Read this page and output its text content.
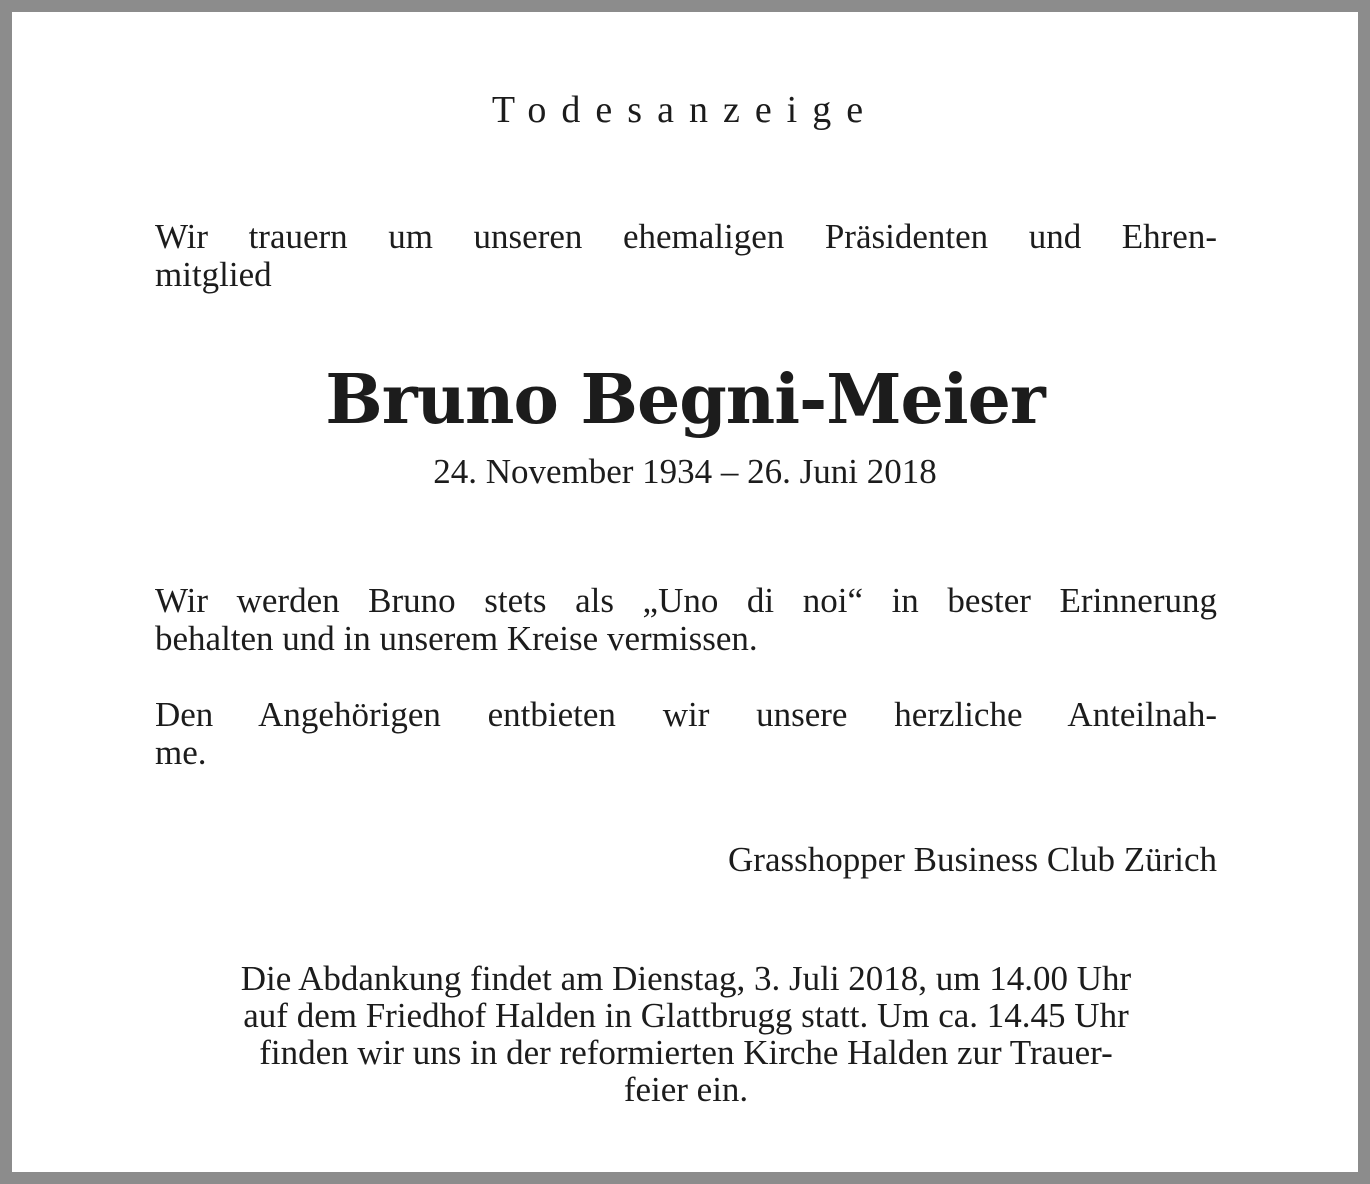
Todesanzeige
Wir trauern um unseren ehemaligen Präsidenten und Ehren-
mitglied
Bruno Begni-Meier
24. November 1934 – 26. Juni 2018
Wir werden Bruno stets als „Uno di noi“ in bester Erinnerung
behalten und in unserem Kreise vermissen.
Den Angehörigen entbieten wir unsere herzliche Anteilnah-
me.
Grasshopper Business Club Zürich
Die Abdankung findet am Dienstag, 3. Juli 2018, um 14.00 Uhr
auf dem Friedhof Halden in Glattbrugg statt. Um ca. 14.45 Uhr
finden wir uns in der reformierten Kirche Halden zur Trauer-
feier ein.
